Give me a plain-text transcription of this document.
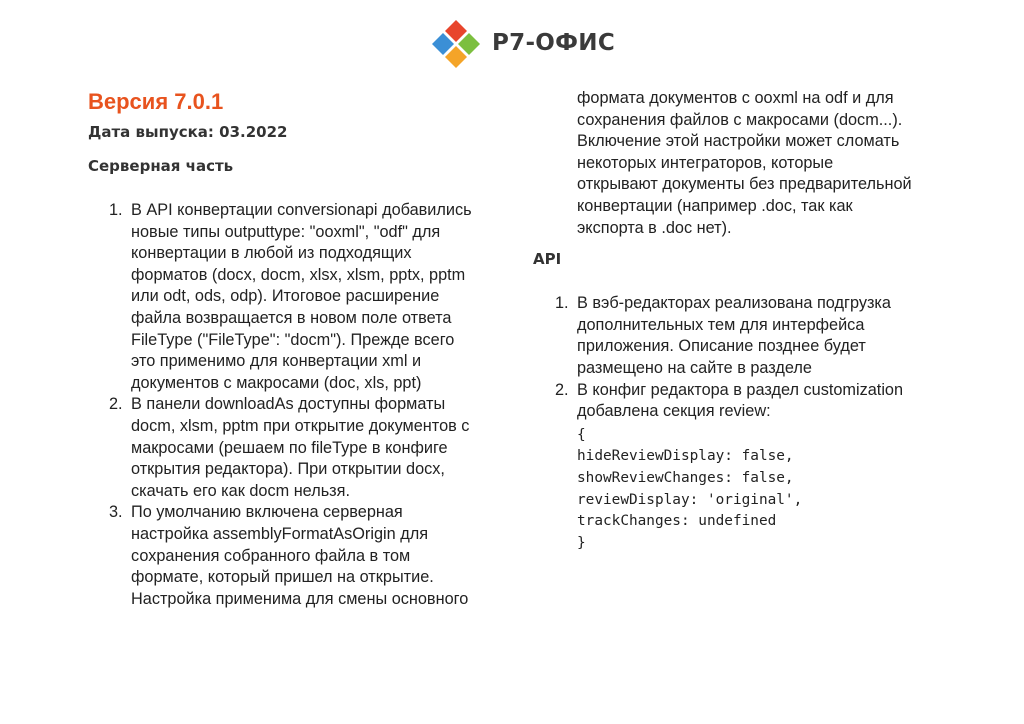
Р7-ОФИС
Версия 7.0.1
Дата выпуска: 03.2022
Серверная часть
1. В API конвертации conversionapi добавились
новые типы outputtype: "ooxml", "odf" для
конвертации в любой из подходящих
форматов (docx, docm, xlsx, xlsm, pptx, pptm
или odt, ods, odp). Итоговое расширение
файла возвращается в новом поле ответа
FileType ("FileType": "docm"). Прежде всего
это применимо для конвертации xml и
документов с макросами (doc, xls, ppt)
2. В панели downloadAs доступны форматы
docm, xlsm, pptm при открытие документов с
макросами (решаем по fileType в конфиге
открытия редактора). При открытии docx,
скачать его как docm нельзя.
3. По умолчанию включена серверная
настройка assemblyFormatAsOrigin для
сохранения собранного файла в том
формате, который пришел на открытие.
Настройка применима для смены основного
формата документов с ooxml на odf и для
сохранения файлов с макросами (docm...).
Включение этой настройки может сломать
некоторых интеграторов, которые
открывают документы без предварительной
конвертации (например .doc, так как
экспорта в .doc нет).
API
1. В вэб-редакторах реализована подгрузка
дополнительных тем для интерфейса
приложения. Описание позднее будет
размещено на сайте в разделе
2. В конфиг редактора в раздел customization
добавлена секция review:
{
hideReviewDisplay: false,
showReviewChanges: false,
reviewDisplay: 'original',
trackChanges: undefined
}
